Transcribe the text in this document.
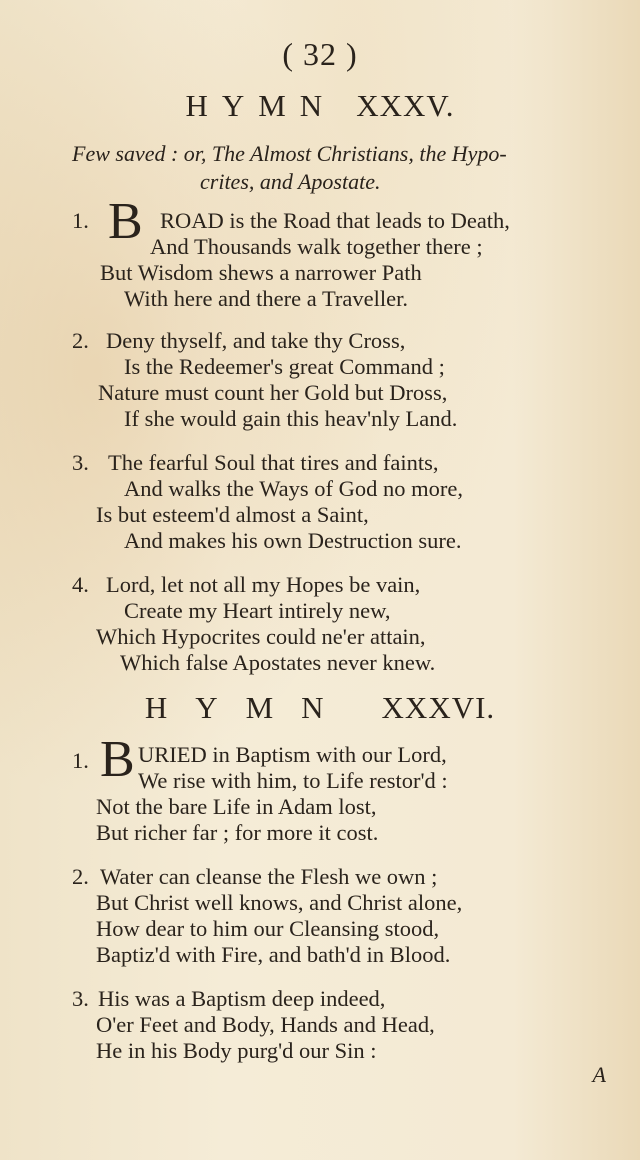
( 32 )
HYMN XXXV.
Few saved : or, The Almost Christians, the Hypo-
crites, and Apostate.
1. B ROAD is the Road that leads to Death,
And Thousands walk together there ;
But Wisdom shews a narrower Path
With here and there a Traveller.
2. Deny thyself, and take thy Cross,
Is the Redeemer's great Command ;
Nature must count her Gold but Dross,
If she would gain this heav'nly Land.
3. The fearful Soul that tires and faints,
And walks the Ways of God no more,
Is but esteem'd almost a Saint,
And makes his own Destruction sure.
4. Lord, let not all my Hopes be vain,
Create my Heart intirely new,
Which Hypocrites could ne'er attain,
Which false Apostates never knew.
HYMN XXXVI.
1. B URIED in Baptism with our Lord,
We rise with him, to Life restor'd :
Not the bare Life in Adam lost,
But richer far ; for more it cost.
2. Water can cleanse the Flesh we own ;
But Christ well knows, and Christ alone,
How dear to him our Cleansing stood,
Baptiz'd with Fire, and bath'd in Blood.
3. His was a Baptism deep indeed,
O'er Feet and Body, Hands and Head,
He in his Body purg'd our Sin :
A
